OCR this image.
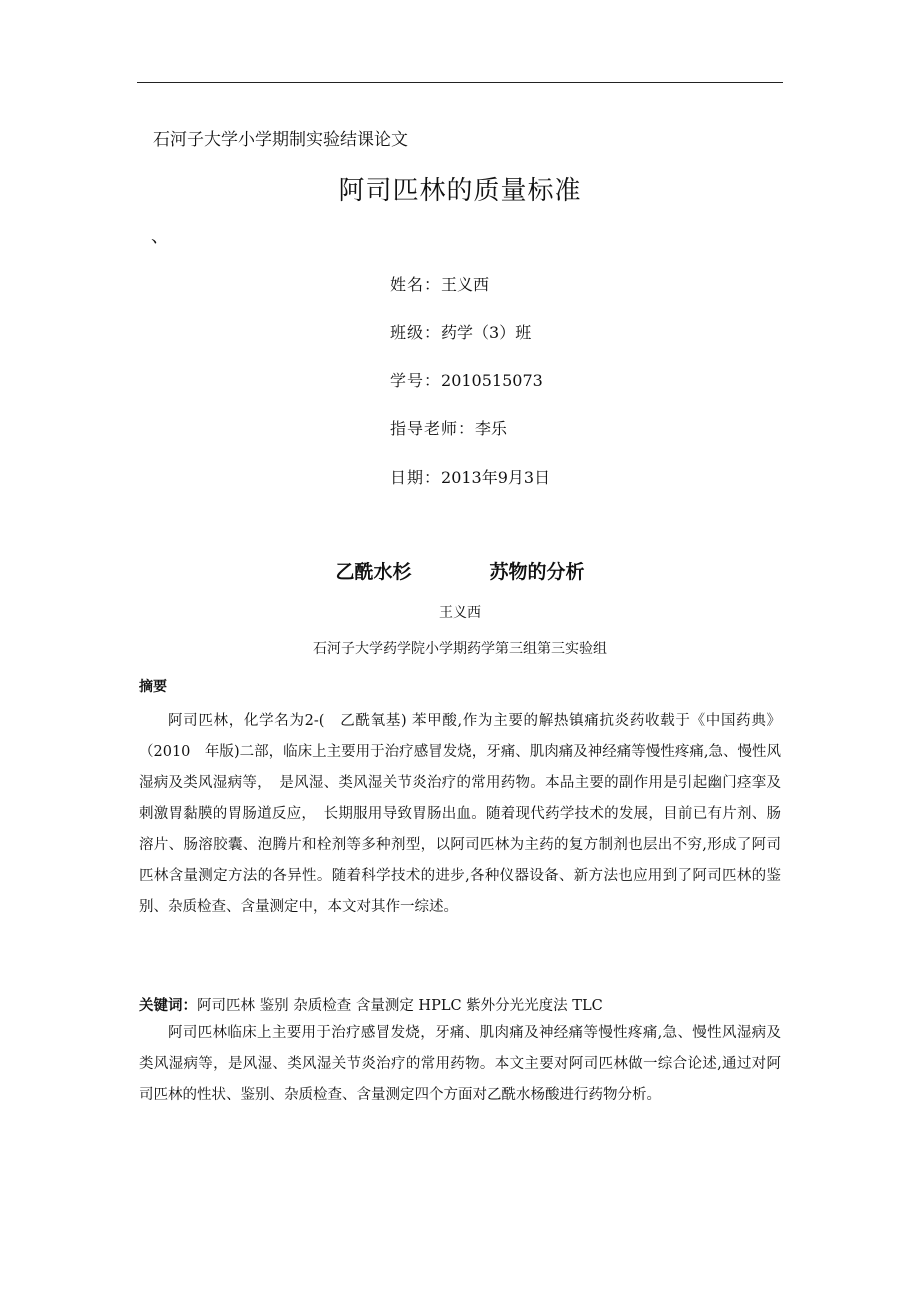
石河子大学小学期制实验结课论文
阿司匹林的质量标准
、
姓名：王义西
班级：药学（3）班
学号：2010515073
指导老师：李乐
日期：2013年9月3日
乙酰水杉	苏物的分析
王义西
石河子大学药学院小学期药学第三组第三实验组
摘要

阿司匹林，化学名为2-(　乙酰氧基) 苯甲酸,作为主要的解热镇痛抗炎药收载于《中国药典》（2010　年版)二部，临床上主要用于治疗感冒发烧，牙痛、肌肉痛及神经痛等慢性疼痛,急、慢性风湿病及类风湿病等，　是风湿、类风湿关节炎治疗的常用药物。本品主要的副作用是引起幽门痉挛及刺激胃黏膜的胃肠道反应，　长期服用导致胃肠出血。随着现代药学技术的发展，目前已有片剂、肠溶片、肠溶胶囊、泡腾片和栓剂等多种剂型，以阿司匹林为主药的复方制剂也层出不穷,形成了阿司匹林含量测定方法的各异性。随着科学技术的进步,各种仪器设备、新方法也应用到了阿司匹林的鉴别、杂质检查、含量测定中，本文对其作一综述。

关键词：阿司匹林 鉴别 杂质检查 含量测定 HPLC 紫外分光光度法 TLC

阿司匹林临床上主要用于治疗感冒发烧，牙痛、肌肉痛及神经痛等慢性疼痛,急、慢性风湿病及类风湿病等，是风湿、类风湿关节炎治疗的常用药物。本文主要对阿司匹林做一综合论述,通过对阿司匹林的性状、鉴别、杂质检查、含量测定四个方面对乙酰水杨酸进行药物分析。
